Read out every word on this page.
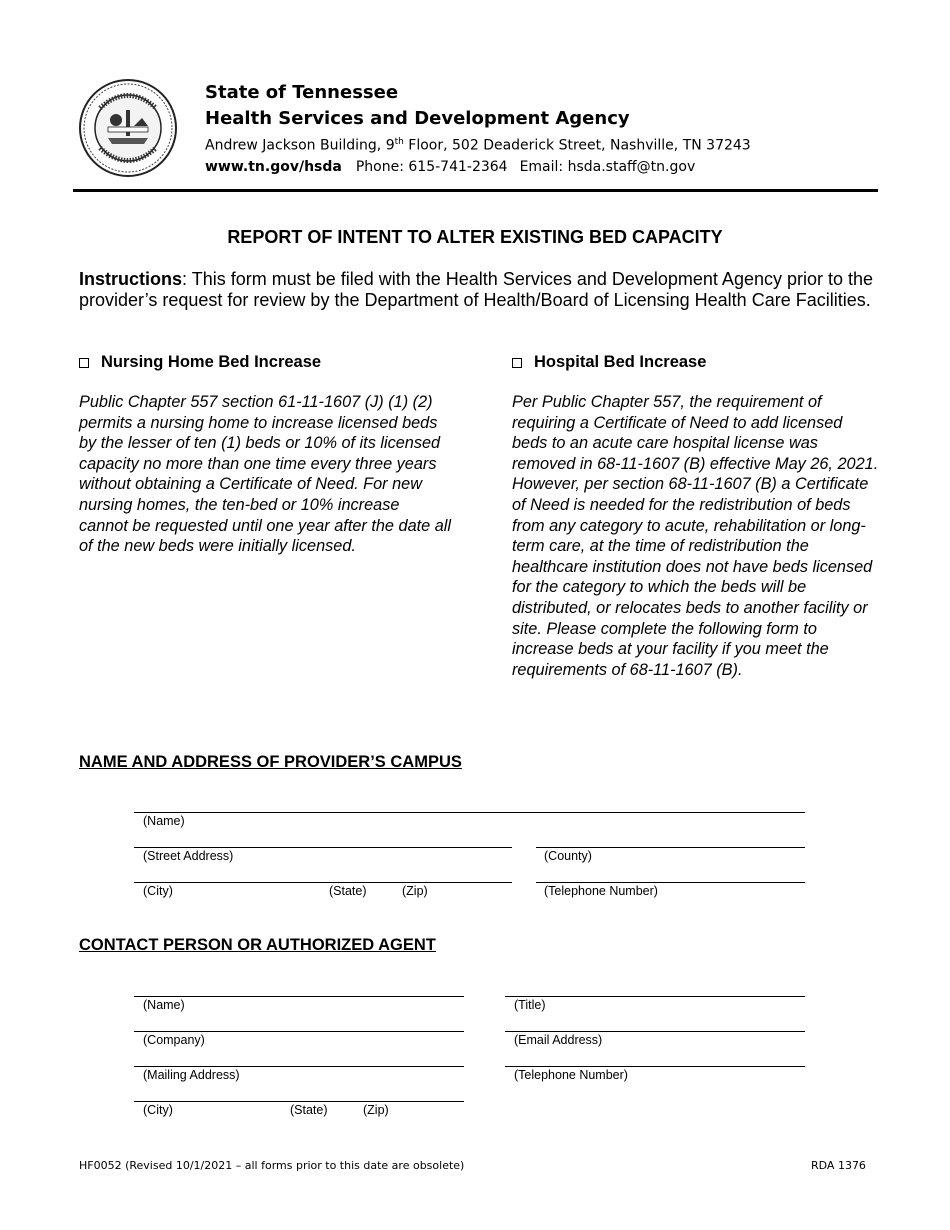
State of Tennessee
Health Services and Development Agency
Andrew Jackson Building, 9th Floor, 502 Deaderick Street, Nashville, TN 37243
www.tn.gov/hsda Phone: 615-741-2364 Email: hsda.staff@tn.gov
REPORT OF INTENT TO ALTER EXISTING BED CAPACITY
Instructions: This form must be filed with the Health Services and Development Agency prior to the provider’s request for review by the Department of Health/Board of Licensing Health Care Facilities.
Nursing Home Bed Increase
Public Chapter 557 section 61-11-1607 (J) (1) (2) permits a nursing home to increase licensed beds by the lesser of ten (1) beds or 10% of its licensed capacity no more than one time every three years without obtaining a Certificate of Need. For new nursing homes, the ten-bed or 10% increase cannot be requested until one year after the date all of the new beds were initially licensed.
Hospital Bed Increase
Per Public Chapter 557, the requirement of requiring a Certificate of Need to add licensed beds to an acute care hospital license was removed in 68-11-1607 (B) effective May 26, 2021. However, per section 68-11-1607 (B) a Certificate of Need is needed for the redistribution of beds from any category to acute, rehabilitation or long-term care, at the time of redistribution the healthcare institution does not have beds licensed for the category to which the beds will be distributed, or relocates beds to another facility or site. Please complete the following form to increase beds at your facility if you meet the requirements of 68-11-1607 (B).
NAME AND ADDRESS OF PROVIDER’S CAMPUS
(Name)
(Street Address)	(County)
(City)	(State)	(Zip)	(Telephone Number)
CONTACT PERSON OR AUTHORIZED AGENT
(Name)	(Title)
(Company)	(Email Address)
(Mailing Address)	(Telephone Number)
(City)	(State)	(Zip)
HF0052 (Revised 10/1/2021 – all forms prior to this date are obsolete)	RDA 1376
